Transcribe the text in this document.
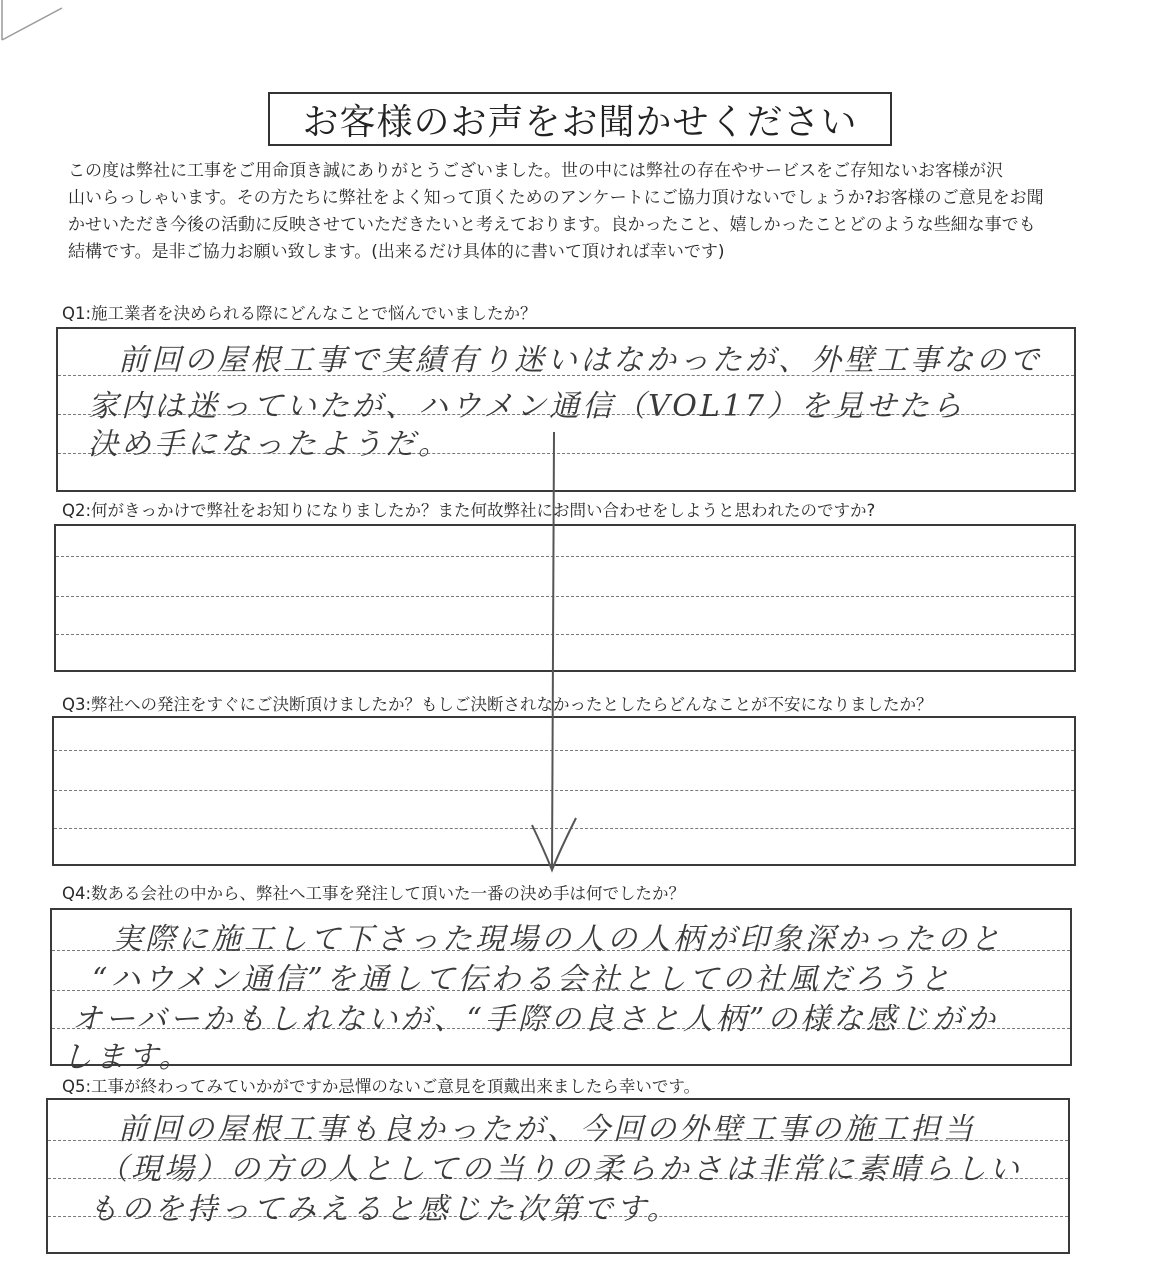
お客様のお声をお聞かせください
この度は弊社に工事をご用命頂き誠にありがとうございました。世の中には弊社の存在やサービスをご存知ないお客様が沢
山いらっしゃいます。その方たちに弊社をよく知って頂くためのアンケートにご協力頂けないでしょうか?お客様のご意見をお聞
かせいただき今後の活動に反映させていただきたいと考えております。良かったこと、嬉しかったことどのような些細な事でも
結構です。是非ご協力お願い致します。(出来るだけ具体的に書いて頂ければ幸いです)
Q1:施工業者を決められる際にどんなことで悩んでいましたか？
前回の屋根工事で実績有り迷いはなかったが、外壁工事なので
家内は迷っていたが、ハウメン通信（VOL17）を見せたら
決め手になったようだ。
Q2:何がきっかけで弊社をお知りになりましたか？また何故弊社にお問い合わせをしようと思われたのですか?
Q3:弊社への発注をすぐにご決断頂けましたか？もしご決断されなかったとしたらどんなことが不安になりましたか？
Q4:数ある会社の中から、弊社へ工事を発注して頂いた一番の決め手は何でしたか？
実際に施工して下さった現場の人の人柄が印象深かったのと
“ハウメン通信”を通して伝わる会社としての社風だろうと
オーバーかもしれないが、“手際の良さと人柄”の様な感じがか
します。
Q5:工事が終わってみていかがですか忌憚のないご意見を頂戴出来ましたら幸いです。
前回の屋根工事も良かったが、今回の外壁工事の施工担当
（現場）の方の人としての当りの柔らかさは非常に素晴らしい
ものを持ってみえると感じた次第です。
